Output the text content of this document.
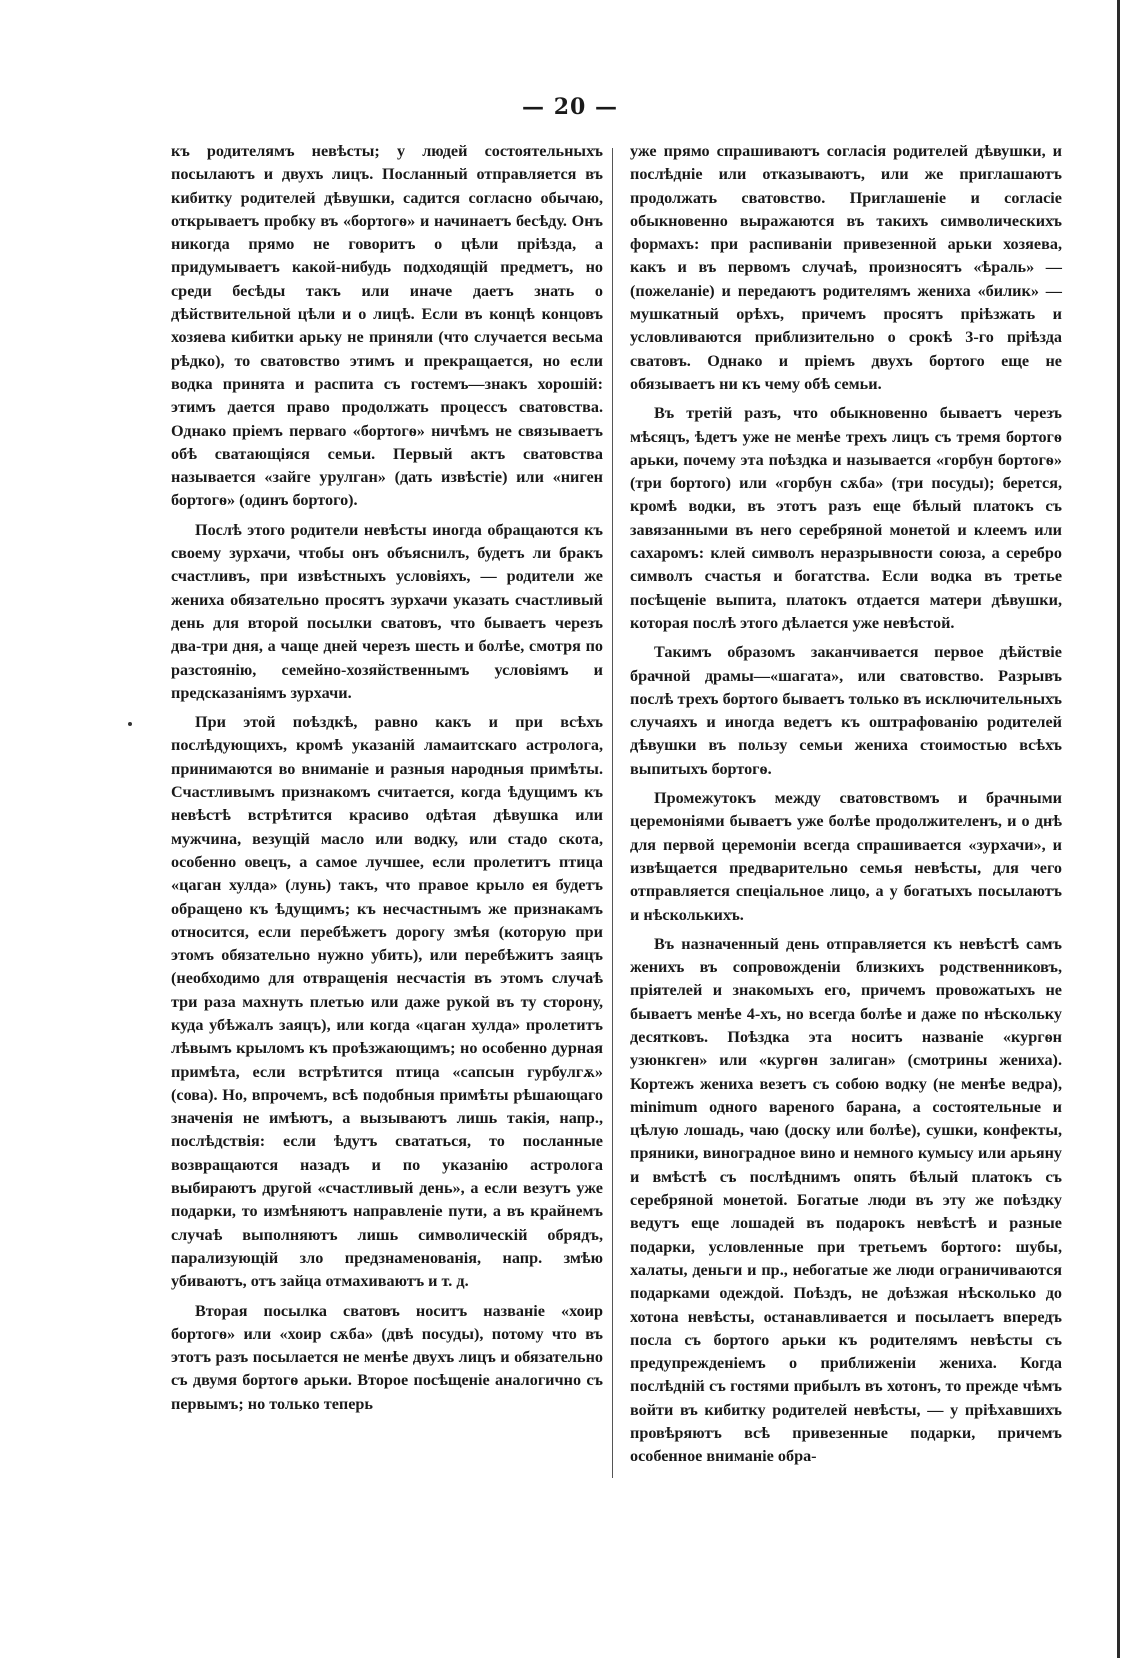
— 20 —

къ родителямъ невѣсты; у людей состоятельныхъ посылаютъ и двухъ лицъ. Посланный отправляется въ кибитку родителей дѣвушки, садится согласно обычаю, открываетъ пробку въ «бортогѳ» и начинаетъ бесѣду. Онъ никогда прямо не говоритъ о цѣли пріѣзда, а придумываетъ какой-нибудь подходящій предметъ, но среди бесѣды такъ или иначе даетъ знать о дѣйствительной цѣли и о лицѣ. Если въ концѣ концовъ хозяева кибитки арьку не приняли (что случается весьма рѣдко), то сватовство этимъ и прекращается, но если водка принята и распита съ гостемъ—знакъ хорошій: этимъ дается право продолжать процессъ сватовства. Однако пріемъ перваго «бортогѳ» ничѣмъ не связываетъ обѣ сватающіяся семьи. Первый актъ сватовства называется «зайге урулган» (дать извѣстіе) или «ниген бортогѳ» (одинъ бортого).

Послѣ этого родители невѣсты иногда обращаются къ своему зурхачи, чтобы онъ объяснилъ, будетъ ли бракъ счастливъ, при извѣстныхъ условіяхъ, — родители же жениха обязательно просятъ зурхачи указать счастливый день для второй посылки сватовъ, что бываетъ черезъ два-три дня, а чаще дней черезъ шесть и болѣе, смотря по разстоянію, семейно-хозяйственнымъ условіямъ и предсказаніямъ зурхачи.

При этой поѣздкѣ, равно какъ и при всѣхъ послѣдующихъ, кромѣ указаній ламаитскаго астролога, принимаются во вниманіе и разныя народныя примѣты. Счастливымъ признакомъ считается, когда ѣдущимъ къ невѣстѣ встрѣтится красиво одѣтая дѣвушка или мужчина, везущій масло или водку, или стадо скота, особенно овецъ, а самое лучшее, если пролетитъ птица «цаган хулда» (лунь) такъ, что правое крыло ея будетъ обращено къ ѣдущимъ; къ несчастнымъ же признакамъ относится, если перебѣжетъ дорогу змѣя (которую при этомъ обязательно нужно убить), или перебѣжитъ заяцъ (необходимо для отвращенія несчастія въ этомъ случаѣ три раза махнуть плетью или даже рукой въ ту сторону, куда убѣжалъ заяцъ), или когда «цаган хулда» пролетитъ лѣвымъ крыломъ къ проѣзжающимъ; но особенно дурная примѣта, если встрѣтится птица «сапсын гурбулгѫ» (сова). Но, впрочемъ, всѣ подобныя примѣты рѣшающаго значенія не имѣютъ, а вызываютъ лишь такія, напр., послѣдствія: если ѣдутъ свататься, то посланные возвращаются назадъ и по указанію астролога выбираютъ другой «счастливый день», а если везутъ уже подарки, то измѣняютъ направленіе пути, а въ крайнемъ случаѣ выполняютъ лишь символическій обрядъ, парализующій зло предзнаменованія, напр. змѣю убиваютъ, отъ зайца отмахиваютъ и т. д.

Вторая посылка сватовъ носитъ названіе «хоир бортогѳ» или «хоир сѫба» (двѣ посуды), потому что въ этотъ разъ посылается не менѣе двухъ лицъ и обязательно съ двумя бортогѳ арьки. Второе посѣщеніе аналогично съ первымъ; но только теперь

уже прямо спрашиваютъ согласія родителей дѣвушки, и послѣдніе или отказываютъ, или же приглашаютъ продолжать сватовство. Приглашеніе и согласіе обыкновенно выражаются въ такихъ символическихъ формахъ: при распиваніи привезенной арьки хозяева, какъ и въ первомъ случаѣ, произносятъ «ѣраль» — (пожеланіе) и передаютъ родителямъ жениха «билик» — мушкатный орѣхъ, причемъ просятъ пріѣзжать и условливаются приблизительно о срокѣ 3-го пріѣзда сватовъ. Однако и пріемъ двухъ бортого еще не обязываетъ ни къ чему обѣ семьи.

Въ третій разъ, что обыкновенно бываетъ черезъ мѣсяцъ, ѣдетъ уже не менѣе трехъ лицъ съ тремя бортогѳ арьки, почему эта поѣздка и называется «горбун бортогѳ» (три бортого) или «горбун сѫба» (три посуды); берется, кромѣ водки, въ этотъ разъ еще бѣлый платокъ съ завязанными въ него серебряной монетой и клеемъ или сахаромъ: клей символъ неразрывности союза, а серебро символъ счастья и богатства. Если водка въ третье посѣщеніе выпита, платокъ отдается матери дѣвушки, которая послѣ этого дѣлается уже невѣстой.

Такимъ образомъ заканчивается первое дѣйствіе брачной драмы—«шагата», или сватовство. Разрывъ послѣ трехъ бортого бываетъ только въ исключительныхъ случаяхъ и иногда ведетъ къ оштрафованію родителей дѣвушки въ пользу семьи жениха стоимостью всѣхъ выпитыхъ бортогѳ.

Промежутокъ между сватовствомъ и брачными церемоніями бываетъ уже болѣе продолжителенъ, и о днѣ для первой церемоніи всегда спрашивается «зурхачи», и извѣщается предварительно семья невѣсты, для чего отправляется спеціальное лицо, а у богатыхъ посылаютъ и нѣсколькихъ.

Въ назначенный день отправляется къ невѣстѣ самъ женихъ въ сопровожденіи близкихъ родственниковъ, пріятелей и знакомыхъ его, причемъ провожатыхъ не бываетъ менѣе 4-хъ, но всегда болѣе и даже по нѣскольку десятковъ. Поѣздка эта носитъ названіе «кургѳн узюнкген» или «кургѳн залиган» (смотрины жениха). Кортежъ жениха везетъ съ собою водку (не менѣе ведра), minimum одного вареного барана, а состоятельные и цѣлую лошадь, чаю (доску или болѣе), сушки, конфекты, пряники, виноградное вино и немного кумысу или арьяну и вмѣстѣ съ послѣднимъ опять бѣлый платокъ съ серебряной монетой. Богатые люди въ эту же поѣздку ведутъ еще лошадей въ подарокъ невѣстѣ и разные подарки, условленные при третьемъ бортого: шубы, халаты, деньги и пр., небогатые же люди ограничиваются подарками одеждой. Поѣздъ, не доѣзжая нѣсколько до хотона невѣсты, останавливается и посылаетъ впередъ посла съ бортого арьки къ родителямъ невѣсты съ предупрежденіемъ о приближеніи жениха. Когда послѣдній съ гостями прибылъ въ хотонъ, то прежде чѣмъ войти въ кибитку родителей невѣсты, — у пріѣхавшихъ провѣряютъ всѣ привезенные подарки, причемъ особенное вниманіе обра-
